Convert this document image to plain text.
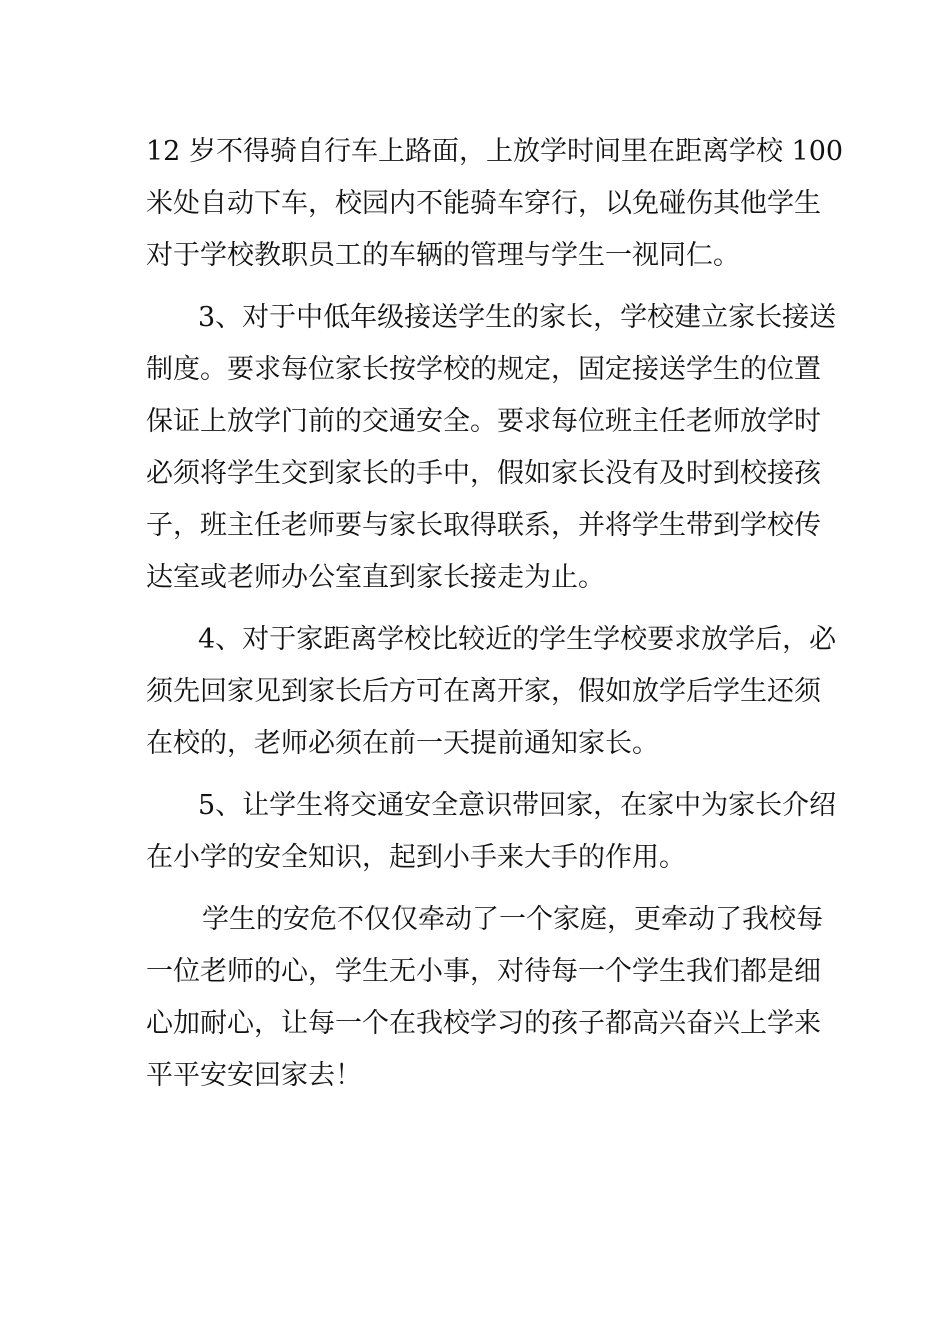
12 岁不得骑自行车上路面，上放学时间里在距离学校 100
米处自动下车，校园内不能骑车穿行，以免碰伤其他学生
对于学校教职员工的车辆的管理与学生一视同仁。
3、对于中低年级接送学生的家长，学校建立家长接送
制度。要求每位家长按学校的规定，固定接送学生的位置
保证上放学门前的交通安全。要求每位班主任老师放学时
必须将学生交到家长的手中，假如家长没有及时到校接孩
子，班主任老师要与家长取得联系，并将学生带到学校传
达室或老师办公室直到家长接走为止。
4、对于家距离学校比较近的学生学校要求放学后，必
须先回家见到家长后方可在离开家，假如放学后学生还须
在校的，老师必须在前一天提前通知家长。
5、让学生将交通安全意识带回家，在家中为家长介绍
在小学的安全知识，起到小手来大手的作用。
学生的安危不仅仅牵动了一个家庭，更牵动了我校每
一位老师的心，学生无小事，对待每一个学生我们都是细
心加耐心，让每一个在我校学习的孩子都高兴奋兴上学来
平平安安回家去！
